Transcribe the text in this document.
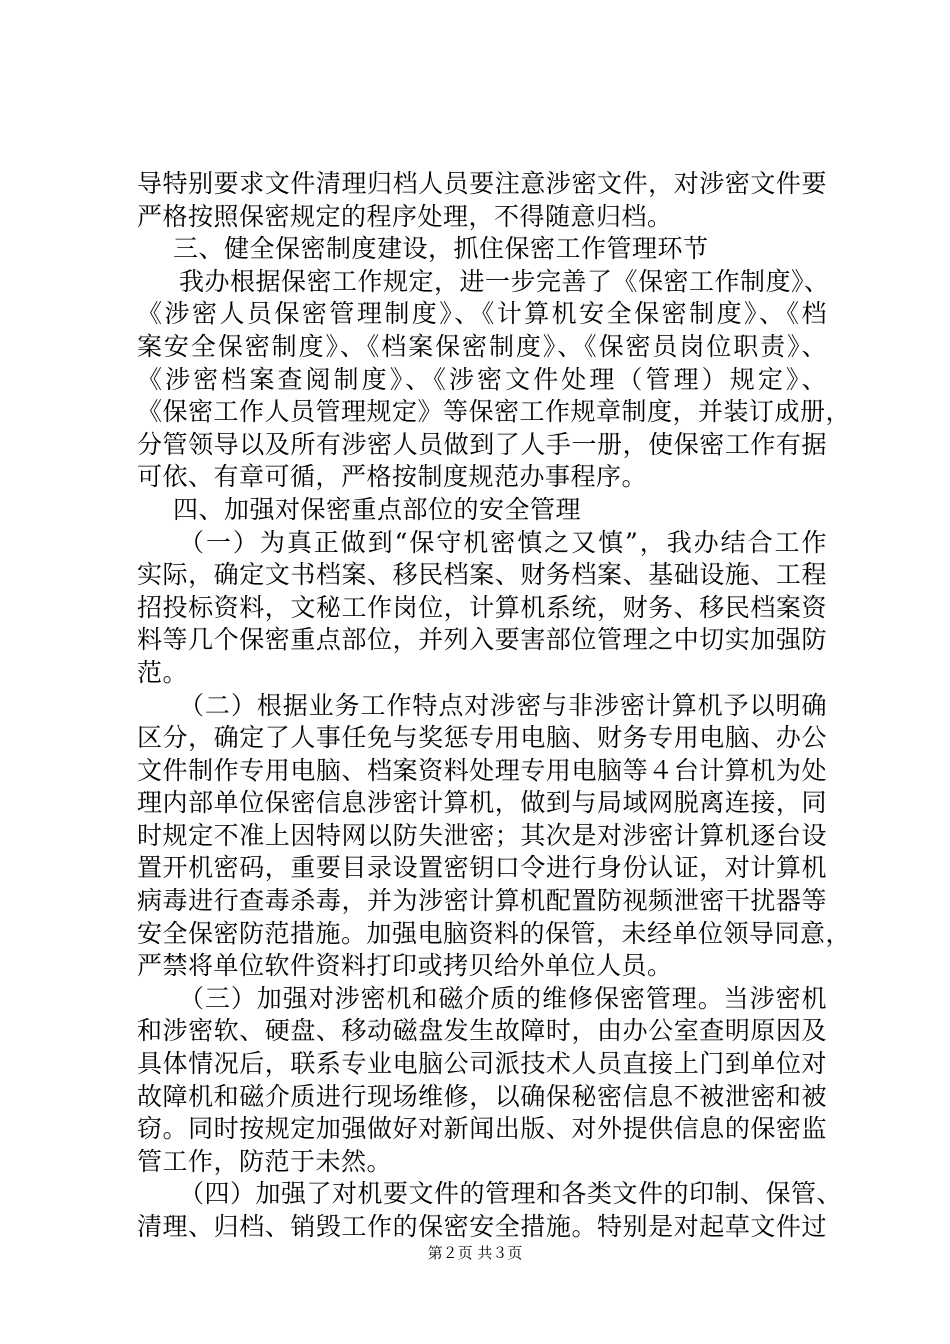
导特别要求文件清理归档人员要注意涉密文件，对涉密文件要
严格按照保密规定的程序处理，不得随意归档。
三、健全保密制度建设，抓住保密工作管理环节
我办根据保密工作规定，进一步完善了《保密工作制度》、
《涉密人员保密管理制度》、《计算机安全保密制度》、《档
案安全保密制度》、《档案保密制度》、《保密员岗位职责》、
《涉密档案查阅制度》、《涉密文件处理（管理）规定》、
《保密工作人员管理规定》等保密工作规章制度，并装订成册，
分管领导以及所有涉密人员做到了人手一册，使保密工作有据
可依、有章可循，严格按制度规范办事程序。
四、加强对保密重点部位的安全管理
（一）为真正做到“保守机密慎之又慎”，我办结合工作
实际，确定文书档案、移民档案、财务档案、基础设施、工程
招投标资料，文秘工作岗位，计算机系统，财务、移民档案资
料等几个保密重点部位，并列入要害部位管理之中切实加强防
范。
（二）根据业务工作特点对涉密与非涉密计算机予以明确
区分，确定了人事任免与奖惩专用电脑、财务专用电脑、办公
文件制作专用电脑、档案资料处理专用电脑等４台计算机为处
理内部单位保密信息涉密计算机，做到与局域网脱离连接，同
时规定不准上因特网以防失泄密；其次是对涉密计算机逐台设
置开机密码，重要目录设置密钥口令进行身份认证，对计算机
病毒进行查毒杀毒，并为涉密计算机配置防视频泄密干扰器等
安全保密防范措施。加强电脑资料的保管，未经单位领导同意，
严禁将单位软件资料打印或拷贝给外单位人员。
（三）加强对涉密机和磁介质的维修保密管理。当涉密机
和涉密软、硬盘、移动磁盘发生故障时，由办公室查明原因及
具体情况后，联系专业电脑公司派技术人员直接上门到单位对
故障机和磁介质进行现场维修，以确保秘密信息不被泄密和被
窃。同时按规定加强做好对新闻出版、对外提供信息的保密监
管工作，防范于未然。
（四）加强了对机要文件的管理和各类文件的印制、保管、
清理、归档、销毁工作的保密安全措施。特别是对起草文件过
第２页 共３页
